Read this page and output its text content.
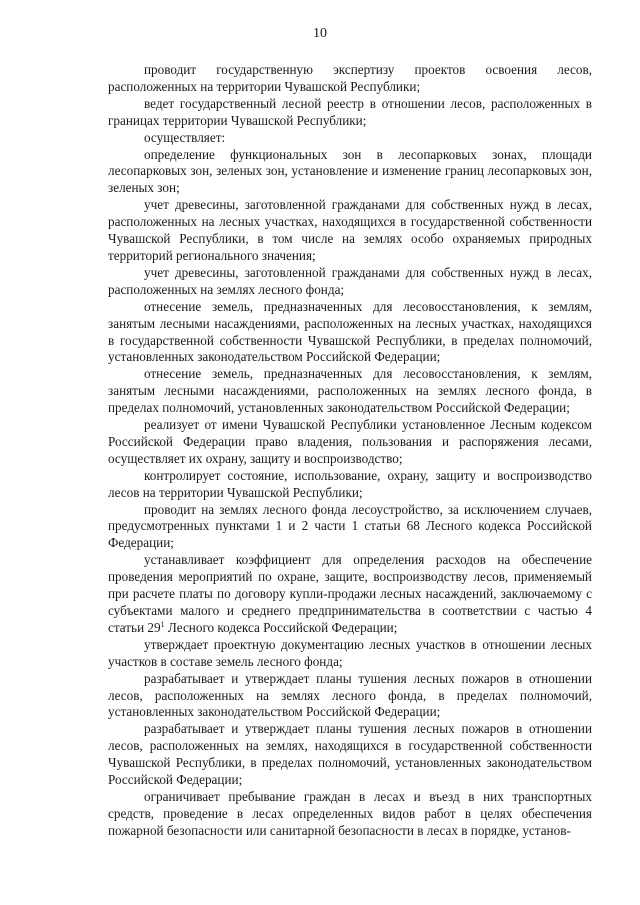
10

проводит государственную экспертизу проектов освоения лесов, расположенных на территории Чувашской Республики;

ведет государственный лесной реестр в отношении лесов, расположенных в границах территории Чувашской Республики;

осуществляет:

определение функциональных зон в лесопарковых зонах, площади лесопарковых зон, зеленых зон, установление и изменение границ лесопарковых зон, зеленых зон;

учет древесины, заготовленной гражданами для собственных нужд в лесах, расположенных на лесных участках, находящихся в государственной собственности Чувашской Республики, в том числе на землях особо охраняемых природных территорий регионального значения;

учет древесины, заготовленной гражданами для собственных нужд в лесах, расположенных на землях лесного фонда;

отнесение земель, предназначенных для лесовосстановления, к землям, занятым лесными насаждениями, расположенных на лесных участках, находящихся в государственной собственности Чувашской Республики, в пределах полномочий, установленных законодательством Российской Федерации;

отнесение земель, предназначенных для лесовосстановления, к землям, занятым лесными насаждениями, расположенных на землях лесного фонда, в пределах полномочий, установленных законодательством Российской Федерации;

реализует от имени Чувашской Республики установленное Лесным кодексом Российской Федерации право владения, пользования и распоряжения лесами, осуществляет их охрану, защиту и воспроизводство;

контролирует состояние, использование, охрану, защиту и воспроизводство лесов на территории Чувашской Республики;

проводит на землях лесного фонда лесоустройство, за исключением случаев, предусмотренных пунктами 1 и 2 части 1 статьи 68 Лесного кодекса Российской Федерации;

устанавливает коэффициент для определения расходов на обеспечение проведения мероприятий по охране, защите, воспроизводству лесов, применяемый при расчете платы по договору купли-продажи лесных насаждений, заключаемому с субъектами малого и среднего предпринимательства в соответствии с частью 4 статьи $29^1$ Лесного кодекса Российской Федерации;

утверждает проектную документацию лесных участков в отношении лесных участков в составе земель лесного фонда;

разрабатывает и утверждает планы тушения лесных пожаров в отношении лесов, расположенных на землях лесного фонда, в пределах полномочий, установленных законодательством Российской Федерации;

разрабатывает и утверждает планы тушения лесных пожаров в отношении лесов, расположенных на землях, находящихся в государственной собственности Чувашской Республики, в пределах полномочий, установленных законодательством Российской Федерации;

ограничивает пребывание граждан в лесах и въезд в них транспортных средств, проведение в лесах определенных видов работ в целях обеспечения пожарной безопасности или санитарной безопасности в лесах в порядке, установ-
